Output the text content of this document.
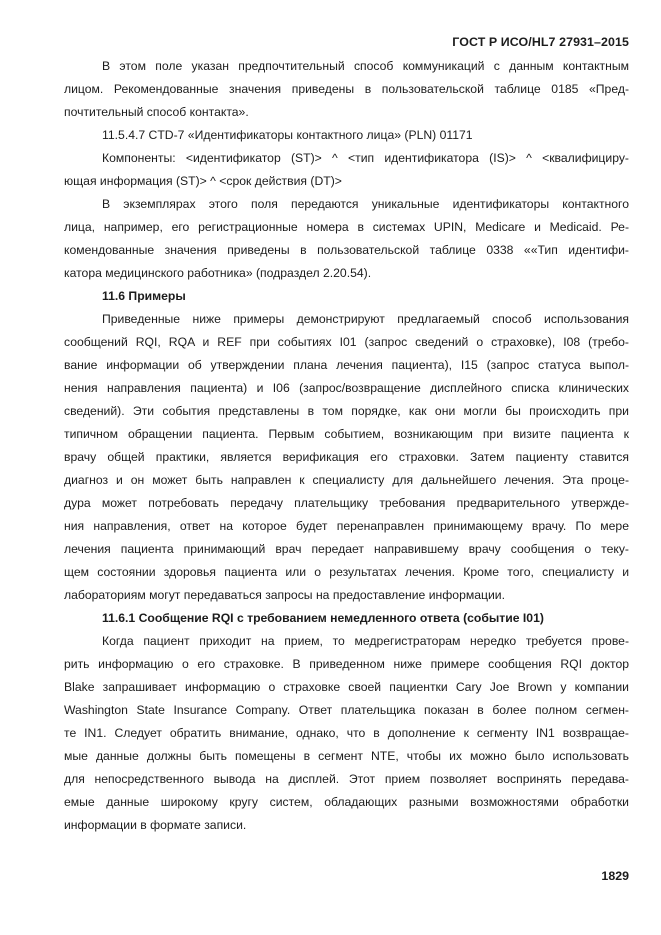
ГОСТ Р ИСО/HL7 27931–2015
В этом поле указан предпочтительный способ коммуникаций с данным контактным
лицом. Рекомендованные значения приведены в пользовательской таблице 0185 «Пред-
почтительный способ контакта».
11.5.4.7 CTD-7 «Идентификаторы контактного лица» (PLN) 01171
Компоненты: <идентификатор (ST)> ^ <тип идентификатора (IS)> ^ <квалифициру-
ющая информация (ST)> ^ <срок действия (DT)>
В экземплярах этого поля передаются уникальные идентификаторы контактного
лица, например, его регистрационные номера в системах UPIN, Medicare и Medicaid. Ре-
комендованные значения приведены в пользовательской таблице 0338 ««Тип идентифи-
катора медицинского работника» (подраздел 2.20.54).
11.6 Примеры
Приведенные ниже примеры демонстрируют предлагаемый способ использования
сообщений RQI, RQA и REF при событиях I01 (запрос сведений о страховке), I08 (требо-
вание информации об утверждении плана лечения пациента), I15 (запрос статуса выпол-
нения направления пациента) и I06 (запрос/возвращение дисплейного списка клинических
сведений). Эти события представлены в том порядке, как они могли бы происходить при
типичном обращении пациента. Первым событием, возникающим при визите пациента к
врачу общей практики, является верификация его страховки. Затем пациенту ставится
диагноз и он может быть направлен к специалисту для дальнейшего лечения. Эта проце-
дура может потребовать передачу плательщику требования предварительного утвержде-
ния направления, ответ на которое будет перенаправлен принимающему врачу. По мере
лечения пациента принимающий врач передает направившему врачу сообщения о теку-
щем состоянии здоровья пациента или о результатах лечения. Кроме того, специалисту и
лабораториям могут передаваться запросы на предоставление информации.
11.6.1 Сообщение RQI с требованием немедленного ответа (событие I01)
Когда пациент приходит на прием, то медрегистраторам нередко требуется прове-
рить информацию о его страховке. В приведенном ниже примере сообщения RQI доктор
Blake запрашивает информацию о страховке своей пациентки Cary Joe Brown у компании
Washington State Insurance Company. Ответ плательщика показан в более полном сегмен-
те IN1. Следует обратить внимание, однако, что в дополнение к сегменту IN1 возвращае-
мые данные должны быть помещены в сегмент NTE, чтобы их можно было использовать
для непосредственного вывода на дисплей. Этот прием позволяет воспринять передава-
емые данные широкому кругу систем, обладающих разными возможностями обработки
информации в формате записи.
1829
